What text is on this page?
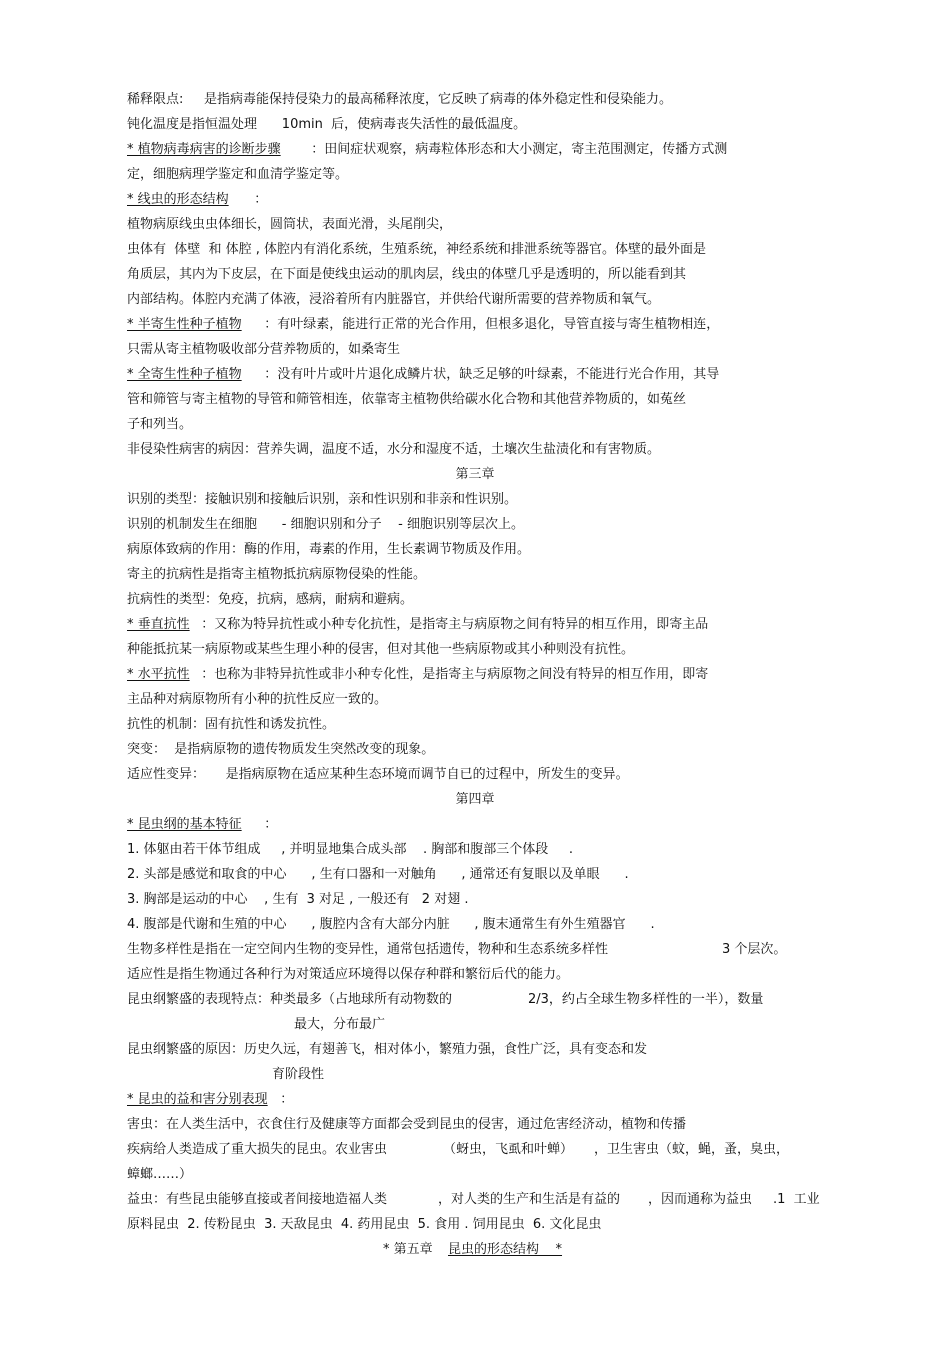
稀释限点:     是指病毒能保持侵染力的最高稀释浓度，它反映了病毒的体外稳定性和侵染能力。
钝化温度是指恒温处理      10min  后，使病毒丧失活性的最低温度。
* 植物病毒病害的诊断步骤 ：田间症状观察，病毒粒体形态和大小测定，寄主范围测定，传播方式测
定，细胞病理学鉴定和血清学鉴定等。
* 线虫的形态结构 ：
植物病原线虫虫体细长，圆筒状，表面光滑，头尾削尖，
虫体有  体壁  和 体腔 , 体腔内有消化系统，生殖系统，神经系统和排泄系统等器官。体壁的最外面是
角质层，其内为下皮层，在下面是使线虫运动的肌肉层，线虫的体壁几乎是透明的，所以能看到其
内部结构。体腔内充满了体液，浸浴着所有内脏器官，并供给代谢所需要的营养物质和氧气。
* 半寄生性种子植物 ：有叶绿素，能进行正常的光合作用，但根多退化，导管直接与寄生植物相连，
只需从寄主植物吸收部分营养物质的，如桑寄生
* 全寄生性种子植物 ：没有叶片或叶片退化成鳞片状，缺乏足够的叶绿素，不能进行光合作用，其导
管和筛管与寄主植物的导管和筛管相连，依靠寄主植物供给碳水化合物和其他营养物质的，如菟丝
子和列当。
非侵染性病害的病因：营养失调，温度不适，水分和湿度不适，土壤次生盐渍化和有害物质。
第三章
识别的类型：接触识别和接触后识别，亲和性识别和非亲和性识别。
识别的机制发生在细胞      - 细胞识别和分子    - 细胞识别等层次上。
病原体致病的作用：酶的作用，毒素的作用，生长素调节物质及作用。
寄主的抗病性是指寄主植物抵抗病原物侵染的性能。
抗病性的类型：免疫，抗病，感病，耐病和避病。
* 垂直抗性 ：又称为特异抗性或小种专化抗性，是指寄主与病原物之间有特异的相互作用，即寄主品
种能抵抗某一病原物或某些生理小种的侵害，但对其他一些病原物或其小种则没有抗性。
* 水平抗性 ：也称为非特异抗性或非小种专化性，是指寄主与病原物之间没有特异的相互作用，即寄
主品种对病原物所有小种的抗性反应一致的。
抗性的机制：固有抗性和诱发抗性。
突变：  是指病原物的遗传物质发生突然改变的现象。
适应性变异：     是指病原物在适应某种生态环境而调节自已的过程中，所发生的变异。
第四章
* 昆虫纲的基本特征 ：
1. 体躯由若干体节组成     , 并明显地集合成头部    . 胸部和腹部三个体段     .
2. 头部是感觉和取食的中心      , 生有口器和一对触角      , 通常还有复眼以及单眼      .
3. 胸部是运动的中心    , 生有  3 对足 , 一般还有   2 对翅 .
4. 腹部是代谢和生殖的中心      , 腹腔内含有大部分内脏      , 腹末通常生有外生殖器官      .
生物多样性是指在一定空间内生物的变异性，通常包括遗传，物种和生态系统多样性	3 个层次。
适应性是指生物通过各种行为对策适应环境得以保存种群和繁衍后代的能力。
昆虫纲繁盛的表现特点：种类最多（占地球所有动物数的	2/3，约占全球生物多样性的一半），数量
最大，分布最广
昆虫纲繁盛的原因：历史久远，有翅善飞，相对体小，繁殖力强，食性广泛，具有变态和发
育阶段性
* 昆虫的益和害分别表现 ：
害虫：在人类生活中，衣食住行及健康等方面都会受到昆虫的侵害，通过危害经济动，植物和传播
疾病给人类造成了重大损失的昆虫。农业害虫	（蚜虫，飞虱和叶蝉） ，卫生害虫（蚊，蝇，蚤，臭虫，
蟑螂……）
益虫：有些昆虫能够直接或者间接地造福人类	，对人类的生产和生活是有益的 ，因而通称为益虫 .1  工业
原料昆虫  2. 传粉昆虫  3. 天敌昆虫  4. 药用昆虫  5. 食用 . 饲用昆虫  6. 文化昆虫
* 第五章
昆虫的形态结构    *
